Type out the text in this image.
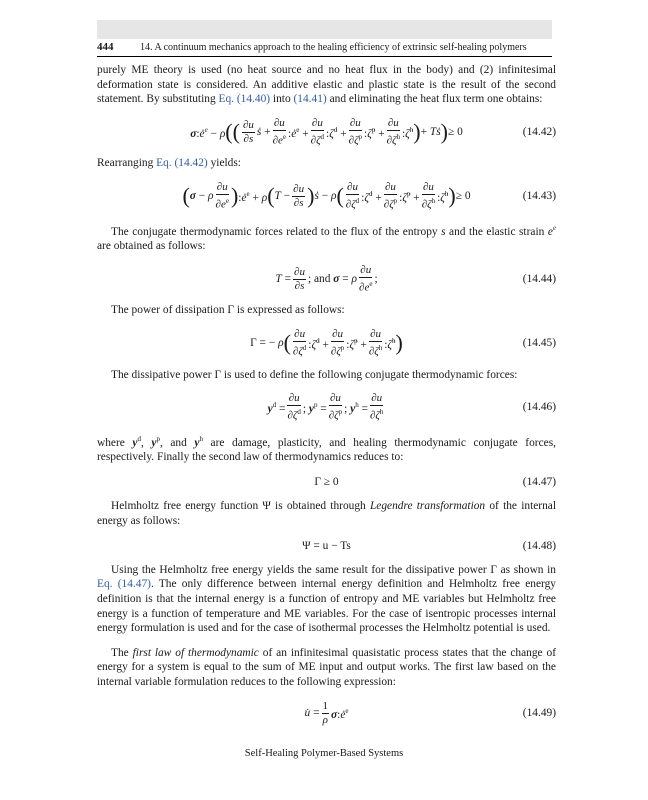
444	14. A continuum mechanics approach to the healing efficiency of extrinsic self-healing polymers

purely ME theory is used (no heat source and no heat flux in the body) and (2) infinitesimal deformation state is considered. An additive elastic and plastic state is the result of the second statement. By substituting Eq. (14.40) into (14.41) and eliminating the heat flux term one obtains:

$\sigma:ė^e - \rho(( \frac{\partial u}{\partial s}$ ṡ + $\frac{\partial u}{\partial e^e}$ $:ė^e + \frac{\partial u}{\partial\zeta^d}$ :ζ̇$^d$ + $\frac{\partial u}{\partial\zeta^p}$ :ζ̇$^p$ + $\frac{\partial u}{\partial\zeta^h}$ :ζ̇$^h$)+ Tṡ)≥ 0	(14.42)

Rearranging Eq. (14.42) yields:

(σ − ρ $\frac{\partial u}{\partial e^e}$ )$:ė^e + \rho(T - \frac{\partial u}{\partial s}$ )ṡ − $\rho( \frac{\partial u}{\partial\zeta^d}$ :ζ̇$^d$ + $\frac{\partial u}{\partial\zeta^p}$ :ζ̇$^p$ + $\frac{\partial u}{\partial\zeta^h}$ :ζ̇$^h$)≥ 0	(14.43)

The conjugate thermodynamic forces related to the flux of the entropy s and the elastic strain $e^e$ are obtained as follows:

$T = \frac{\partial u}{\partial s}$ ; and σ = ρ $\frac{\partial u}{\partial e^e}$ ;	(14.44)

The power of dissipation Γ is expressed as follows:

Γ = − $\rho( \frac{\partial u}{\partial\zeta^d}$ :ζ̇$^d$ + $\frac{\partial u}{\partial\zeta^p}$ :ζ̇$^p$ + $\frac{\partial u}{\partial\zeta^h}$ :ζ̇$^h$)	(14.45)

The dissipative power Γ is used to define the following conjugate thermodynamic forces:

$y^d = \frac{\partial u}{\partial\zeta^d}$ ; $y^p = \frac{\partial u}{\partial\zeta^p}$ ; $y^h = \frac{\partial u}{\partial\zeta^h}$	(14.46)

where $y^d$, $y^p$, and $y^h$ are damage, plasticity, and healing thermodynamic conjugate forces, respectively. Finally the second law of thermodynamics reduces to:

Γ ≥ 0	(14.47)

Helmholtz free energy function Ψ is obtained through Legendre transformation of the internal energy as follows:

Ψ = u − Ts	(14.48)

Using the Helmholtz free energy yields the same result for the dissipative power Γ as shown in Eq. (14.47). The only difference between internal energy definition and Helmholtz free energy definition is that the internal energy is a function of entropy and ME variables but Helmholtz free energy is a function of temperature and ME variables. For the case of isentropic processes internal energy formulation is used and for the case of isothermal processes the Helmholtz potential is used.

The first law of thermodynamic of an infinitesimal quasistatic process states that the change of energy for a system is equal to the sum of ME input and output works. The first law based on the internal variable formulation reduces to the following expression:

u̇ = $\frac{1}{\rho}$ $\sigma:ė^e$	(14.49)
Self-Healing Polymer-Based Systems
